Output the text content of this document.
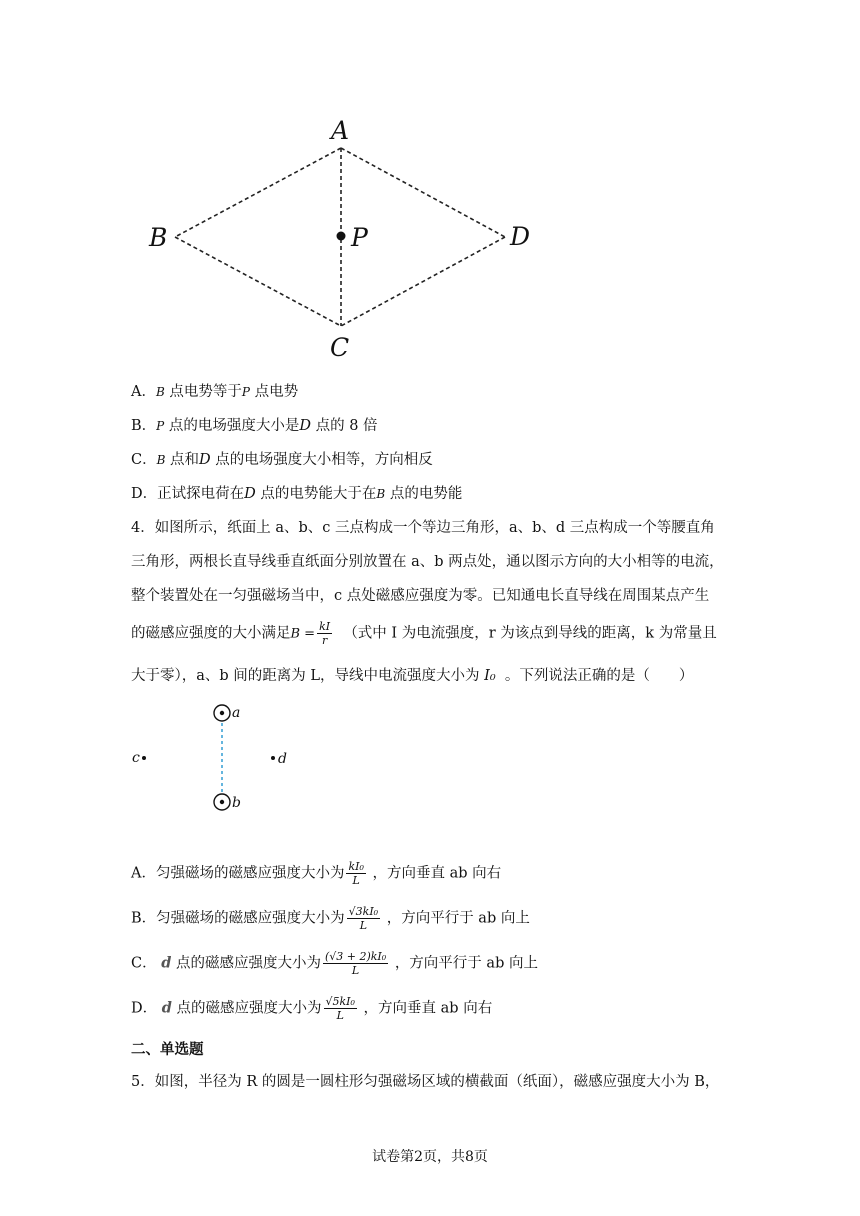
A
B
C
D
P
A．B 点电势等于P 点电势
B．P 点的电场强度大小是D 点的 8 倍
C．B 点和D 点的电场强度大小相等，方向相反
D．正试探电荷在D 点的电势能大于在B 点的电势能
4．如图所示，纸面上 a、b、c 三点构成一个等边三角形，a、b、d 三点构成一个等腰直角
三角形，两根长直导线垂直纸面分别放置在 a、b 两点处，通以图示方向的大小相等的电流，
整个装置处在一匀强磁场当中，c 点处磁感应强度为零。已知通电长直导线在周围某点产生
的磁感应强度的大小满足$B = \frac{kI}{r}$ （式中 I 为电流强度，r 为该点到导线的距离，k 为常量且
大于零），a、b 间的距离为 L，导线中电流强度大小为 I₀ 。下列说法正确的是（　　）
a
b
c	d
A．匀强磁场的磁感应强度大小为 $\frac{\text{kI₀}}{L}$ ，方向垂直 ab 向右
B．匀强磁场的磁感应强度大小为 $\frac{\text{√3kI₀}}{L}$ ，方向平行于 ab 向上
C． d 点的磁感应强度大小为 $\frac{\text{(√3 + 2)kI₀}}{L}$ ，方向平行于 ab 向上
D． d 点的磁感应强度大小为 $\frac{\text{√5kI₀}}{L}$ ，方向垂直 ab 向右
二、单选题
5．如图，半径为 R 的圆是一圆柱形匀强磁场区域的横截面（纸面），磁感应强度大小为 B，
试卷第2页，共8页
